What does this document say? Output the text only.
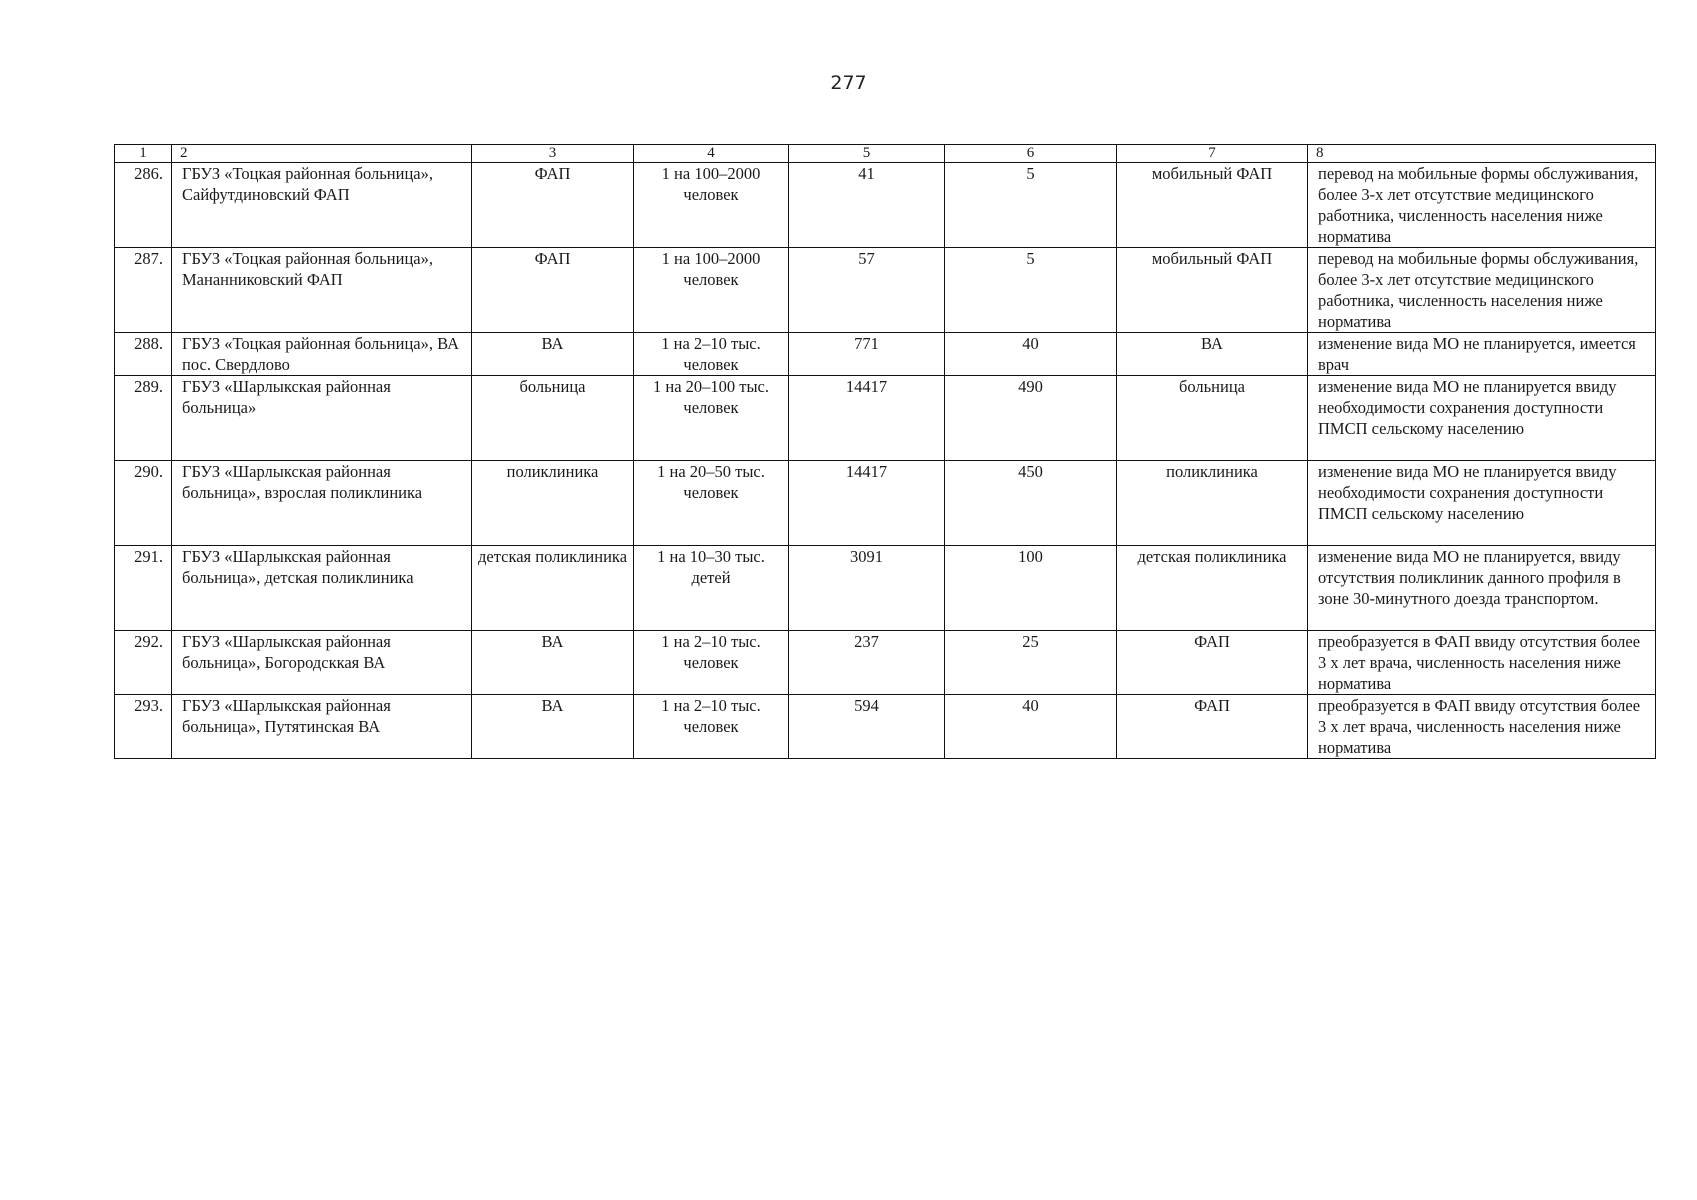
277
1	2	3	4	5	6	7	8
286.	ГБУЗ «Тоцкая районная больница», Сайфутдиновский ФАП	ФАП	1 на 100–2000 человек	41	5	мобильный ФАП	перевод на мобильные формы обслуживания, более 3-х лет отсутствие медицинского работника, численность населения ниже норматива
287.	ГБУЗ «Тоцкая районная больница», Мананниковский ФАП	ФАП	1 на 100–2000 человек	57	5	мобильный ФАП	перевод на мобильные формы обслуживания, более 3-х лет отсутствие медицинского работника, численность населения ниже норматива
288.	ГБУЗ «Тоцкая районная больница», ВА пос. Свердлово	ВА	1 на 2–10 тыс. человек	771	40	ВА	изменение вида МО не планируется, имеется врач
289.	ГБУЗ «Шарлыкская районная больница»	больница	1 на 20–100 тыс. человек	14417	490	больница	изменение вида МО не планируется ввиду необходимости сохранения доступности ПМСП сельскому населению
290.	ГБУЗ «Шарлыкская районная больница», взрослая поликлиника	поликлиника	1 на 20–50 тыс. человек	14417	450	поликлиника	изменение вида МО не планируется ввиду необходимости сохранения доступности ПМСП сельскому населению
291.	ГБУЗ «Шарлыкская районная больница», детская поликлиника	детская поликлиника	1 на 10–30 тыс. детей	3091	100	детская поликлиника	изменение вида МО не планируется, ввиду отсутствия поликлиник данного профиля в зоне 30-минутного доезда транспортом.
292.	ГБУЗ «Шарлыкская районная больница», Богородсккая ВА	ВА	1 на 2–10 тыс. человек	237	25	ФАП	преобразуется в ФАП ввиду отсутствия более 3 х лет врача, численность населения ниже норматива
293.	ГБУЗ «Шарлыкская районная больница», Путятинская ВА	ВА	1 на 2–10 тыс. человек	594	40	ФАП	преобразуется в ФАП ввиду отсутствия более 3 х лет врача, численность населения ниже норматива
